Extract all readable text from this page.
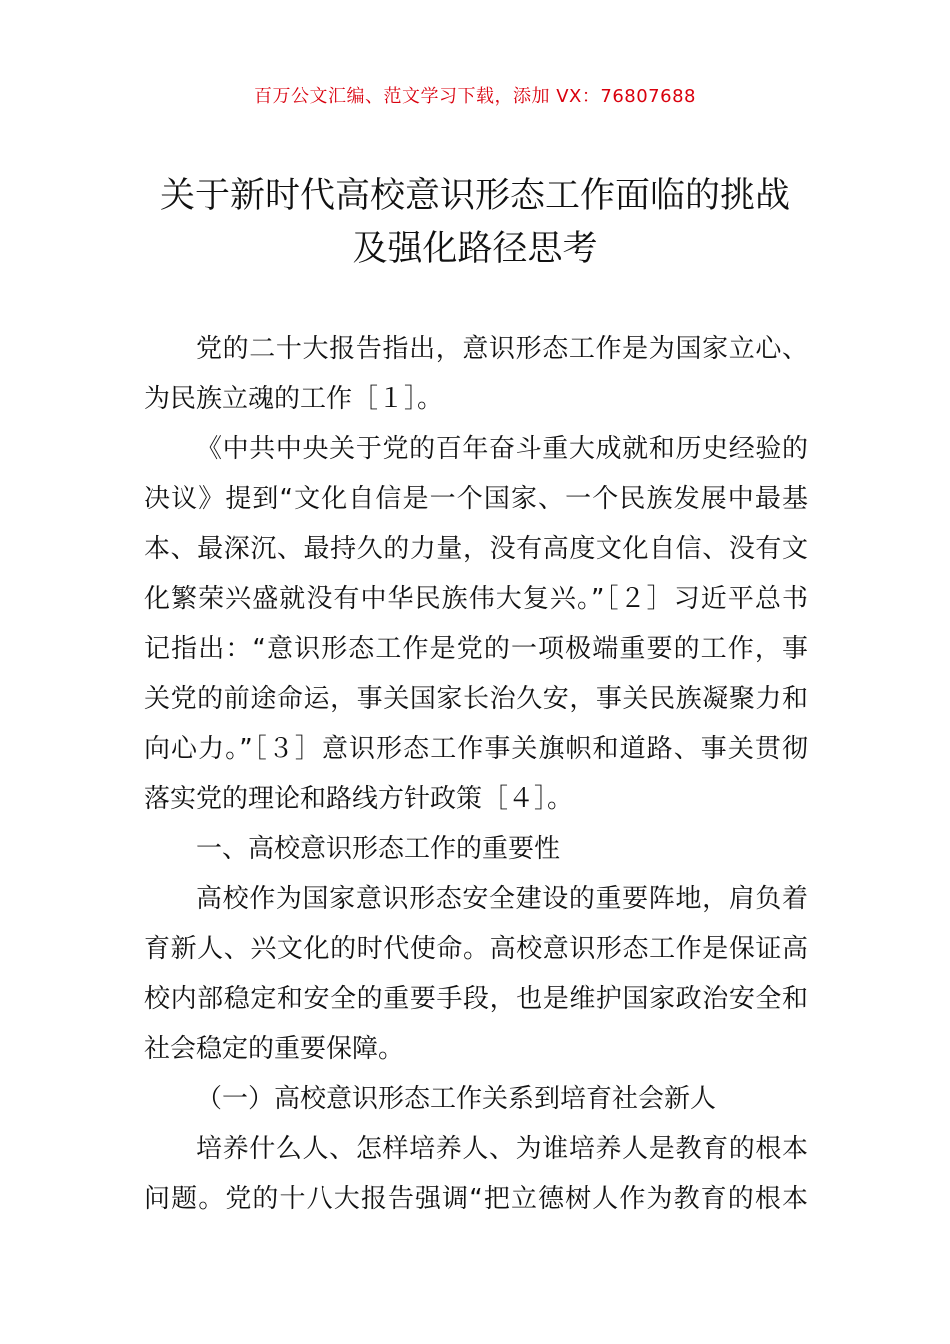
百万公文汇编、范文学习下载，添加 VX：76807688
关于新时代高校意识形态工作面临的挑战
及强化路径思考
党的二十大报告指出，意识形态工作是为国家立心、
为民族立魂的工作［１］。
《中共中央关于党的百年奋斗重大成就和历史经验的
决议》提到“文化自信是一个国家、一个民族发展中最基
本、最深沉、最持久的力量，没有高度文化自信、没有文
化繁荣兴盛就没有中华民族伟大复兴。”［２］习近平总书
记指出：“意识形态工作是党的一项极端重要的工作，事
关党的前途命运，事关国家长治久安，事关民族凝聚力和
向心力。”［３］意识形态工作事关旗帜和道路、事关贯彻
落实党的理论和路线方针政策［４］。
一、高校意识形态工作的重要性
高校作为国家意识形态安全建设的重要阵地，肩负着
育新人、兴文化的时代使命。高校意识形态工作是保证高
校内部稳定和安全的重要手段，也是维护国家政治安全和
社会稳定的重要保障。
（一）高校意识形态工作关系到培育社会新人
培养什么人、怎样培养人、为谁培养人是教育的根本
问题。党的十八大报告强调“把立德树人作为教育的根本
